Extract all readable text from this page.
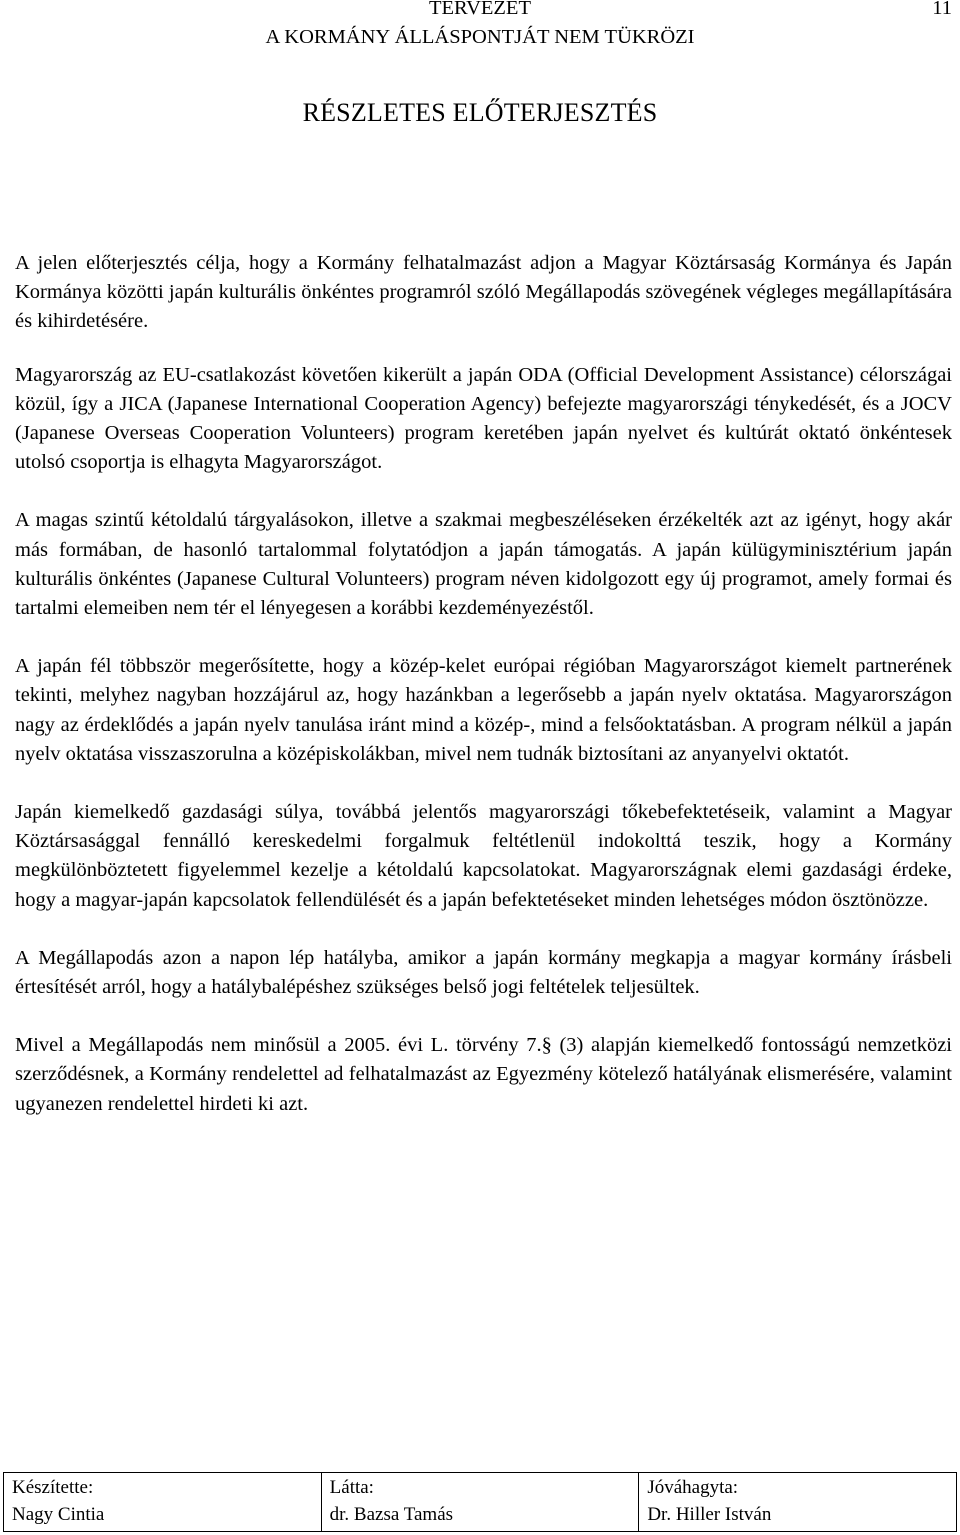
TERVEZET
A KORMÁNY ÁLLÁSPONTJÁT NEM TÜKRÖZI
11
RÉSZLETES ELŐTERJESZTÉS

A jelen előterjesztés célja, hogy a Kormány felhatalmazást adjon a Magyar Köztársaság Kormánya és Japán Kormánya közötti japán kulturális önkéntes programról szóló Megállapodás szövegének végleges megállapítására és kihirdetésére.

Magyarország az EU-csatlakozást követően kikerült a japán ODA (Official Development Assistance) célországai közül, így a JICA (Japanese International Cooperation Agency) befejezte magyarországi ténykedését, és a JOCV (Japanese Overseas Cooperation Volunteers) program keretében japán nyelvet és kultúrát oktató önkéntesek utolsó csoportja is elhagyta Magyarországot.

A magas szintű kétoldalú tárgyalásokon, illetve a szakmai megbeszéléseken érzékelték azt az igényt, hogy akár más formában, de hasonló tartalommal folytatódjon a japán támogatás. A japán külügyminisztérium japán kulturális önkéntes (Japanese Cultural Volunteers) program néven kidolgozott egy új programot, amely formai és tartalmi elemeiben nem tér el lényegesen a korábbi kezdeményezéstől.

A japán fél többször megerősítette, hogy a közép-kelet európai régióban Magyarországot kiemelt partnerének tekinti, melyhez nagyban hozzájárul az, hogy hazánkban a legerősebb a japán nyelv oktatása. Magyarországon nagy az érdeklődés a japán nyelv tanulása iránt mind a közép-, mind a felsőoktatásban. A program nélkül a japán nyelv oktatása visszaszorulna a középiskolákban, mivel nem tudnák biztosítani az anyanyelvi oktatót.

Japán kiemelkedő gazdasági súlya, továbbá jelentős magyarországi tőkebefektetéseik, valamint a Magyar Köztársasággal fennálló kereskedelmi forgalmuk feltétlenül indokolttá teszik, hogy a Kormány megkülönböztetett figyelemmel kezelje a kétoldalú kapcsolatokat. Magyarországnak elemi gazdasági érdeke, hogy a magyar-japán kapcsolatok fellendülését és a japán befektetéseket minden lehetséges módon ösztönözze.

A Megállapodás azon a napon lép hatályba, amikor a japán kormány megkapja a magyar kormány írásbeli értesítését arról, hogy a hatálybalépéshez szükséges belső jogi feltételek teljesültek.

Mivel a Megállapodás nem minősül a 2005. évi L. törvény 7.§ (3) alapján kiemelkedő fontosságú nemzetközi szerződésnek, a Kormány rendelettel ad felhatalmazást az Egyezmény kötelező hatályának elismerésére, valamint ugyanezen rendelettel hirdeti ki azt.

Készítette:
Nagy Cintia

Látta:
dr. Bazsa Tamás

Jóváhagyta:
Dr. Hiller István
